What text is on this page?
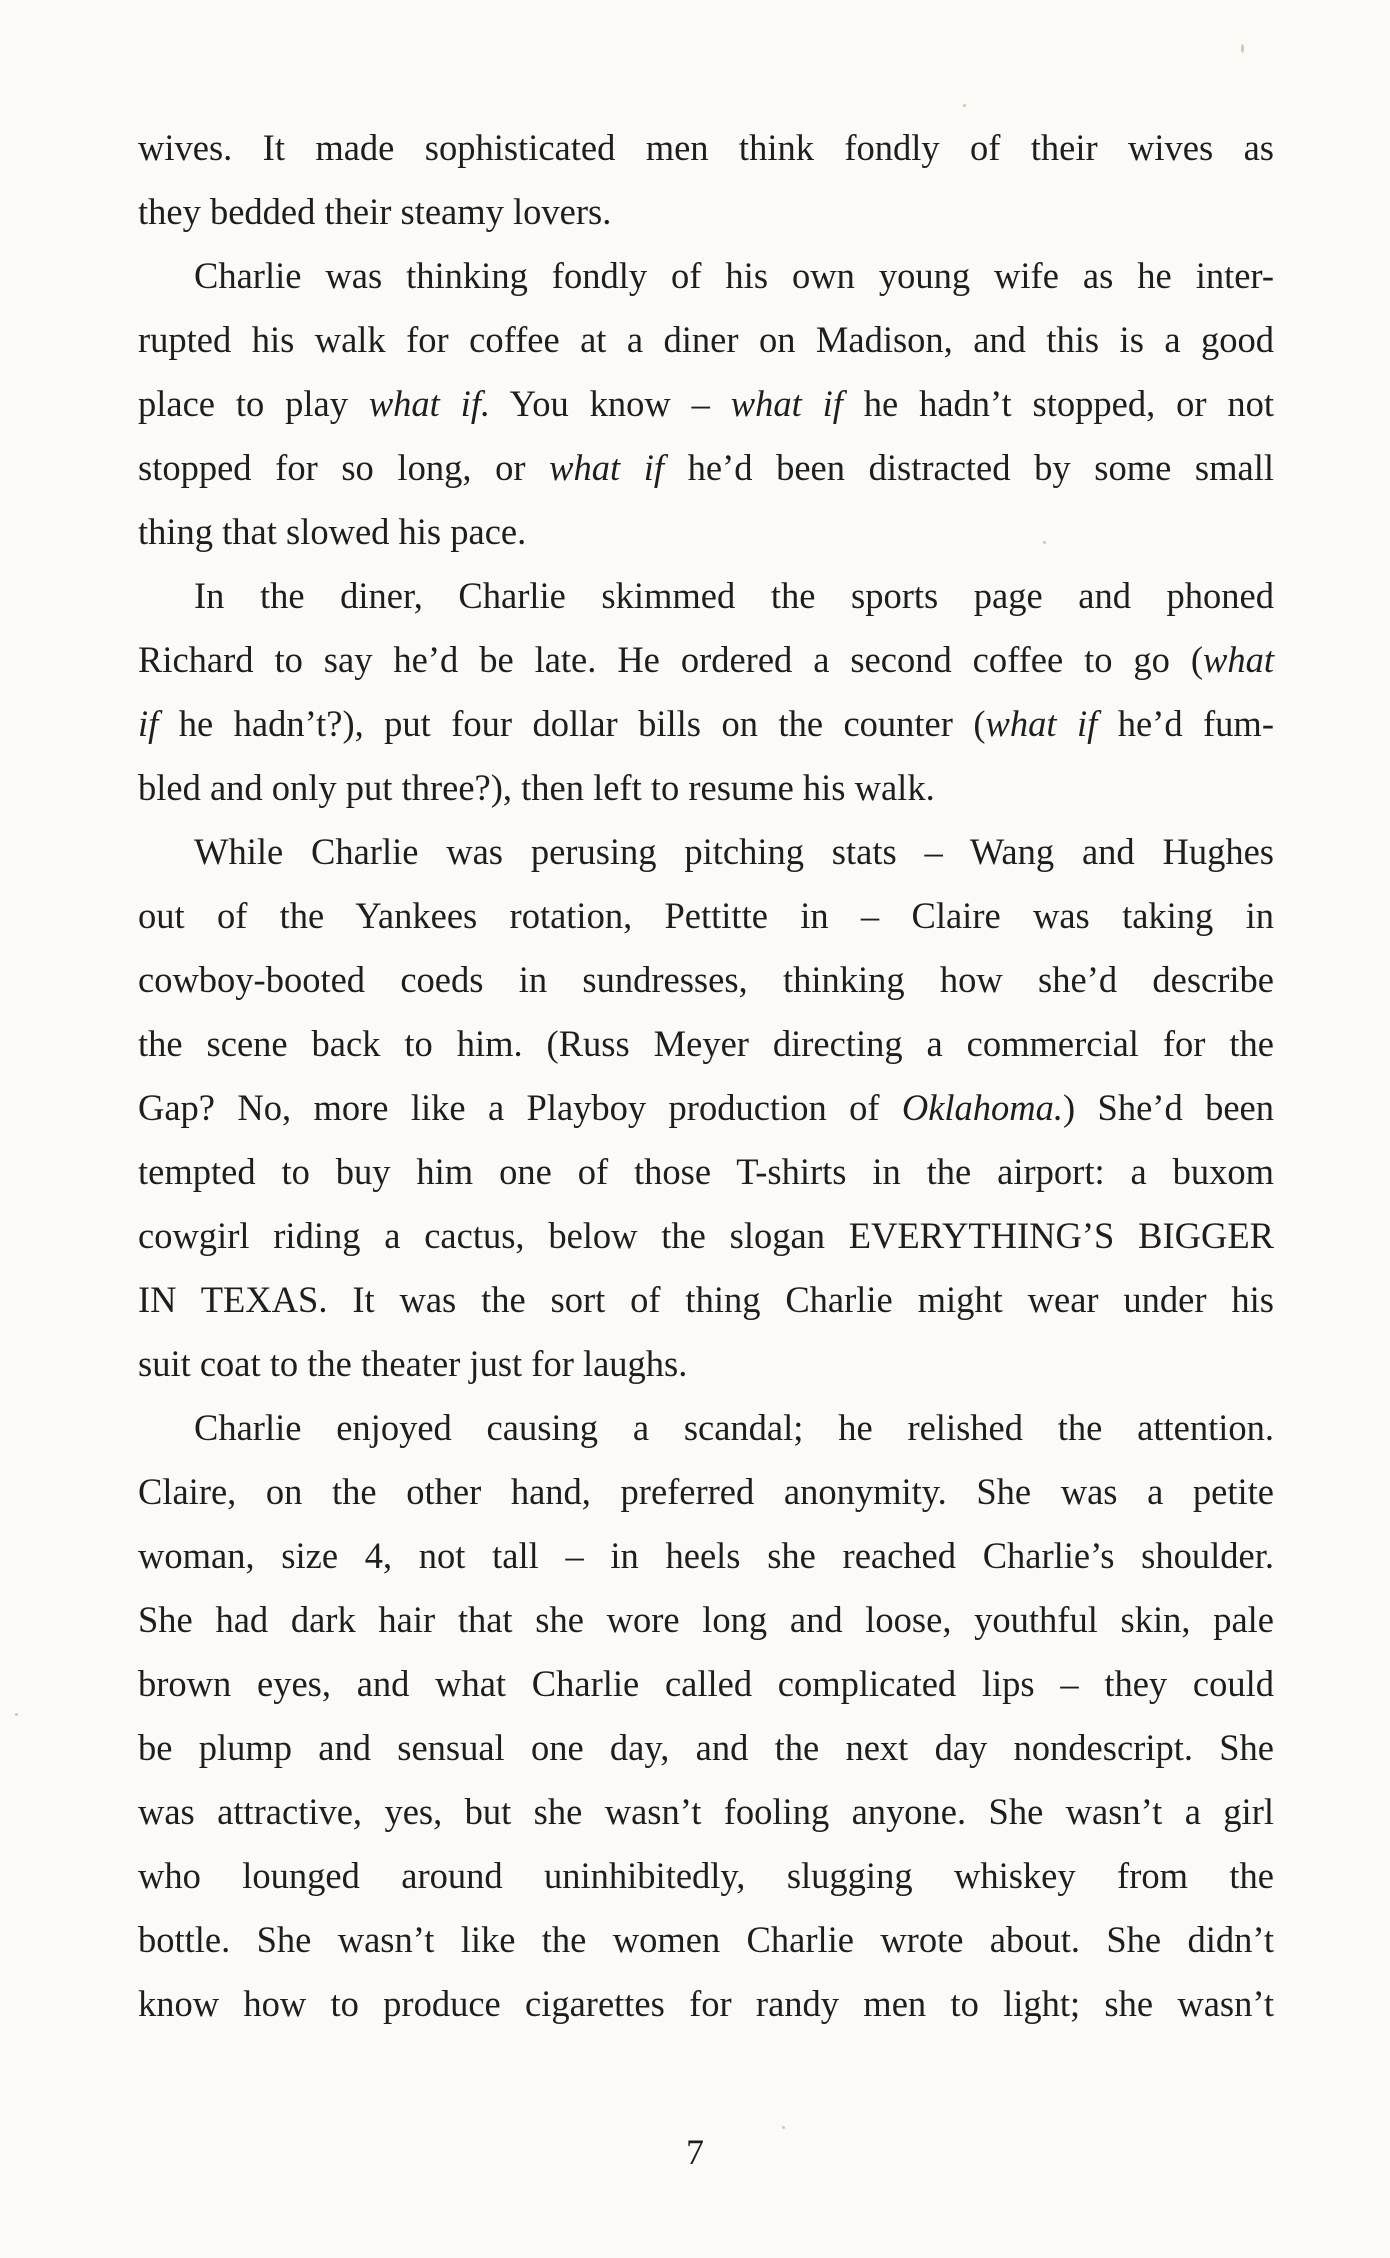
wives. It made sophisticated men think fondly of their wives as
they bedded their steamy lovers.
Charlie was thinking fondly of his own young wife as he inter-
rupted his walk for coffee at a diner on Madison, and this is a good
place to play what if. You know – what if he hadn’t stopped, or not
stopped for so long, or what if he’d been distracted by some small
thing that slowed his pace.
In the diner, Charlie skimmed the sports page and phoned
Richard to say he’d be late. He ordered a second coffee to go (what
if he hadn’t?), put four dollar bills on the counter (what if he’d fum-
bled and only put three?), then left to resume his walk.
While Charlie was perusing pitching stats – Wang and Hughes
out of the Yankees rotation, Pettitte in – Claire was taking in
cowboy-booted coeds in sundresses, thinking how she’d describe
the scene back to him. (Russ Meyer directing a commercial for the
Gap? No, more like a Playboy production of Oklahoma.) She’d been
tempted to buy him one of those T-shirts in the airport: a buxom
cowgirl riding a cactus, below the slogan EVERYTHING’S BIGGER
IN TEXAS. It was the sort of thing Charlie might wear under his
suit coat to the theater just for laughs.
Charlie enjoyed causing a scandal; he relished the attention.
Claire, on the other hand, preferred anonymity. She was a petite
woman, size 4, not tall – in heels she reached Charlie’s shoulder.
She had dark hair that she wore long and loose, youthful skin, pale
brown eyes, and what Charlie called complicated lips – they could
be plump and sensual one day, and the next day nondescript. She
was attractive, yes, but she wasn’t fooling anyone. She wasn’t a girl
who lounged around uninhibitedly, slugging whiskey from the
bottle. She wasn’t like the women Charlie wrote about. She didn’t
know how to produce cigarettes for randy men to light; she wasn’t
7
